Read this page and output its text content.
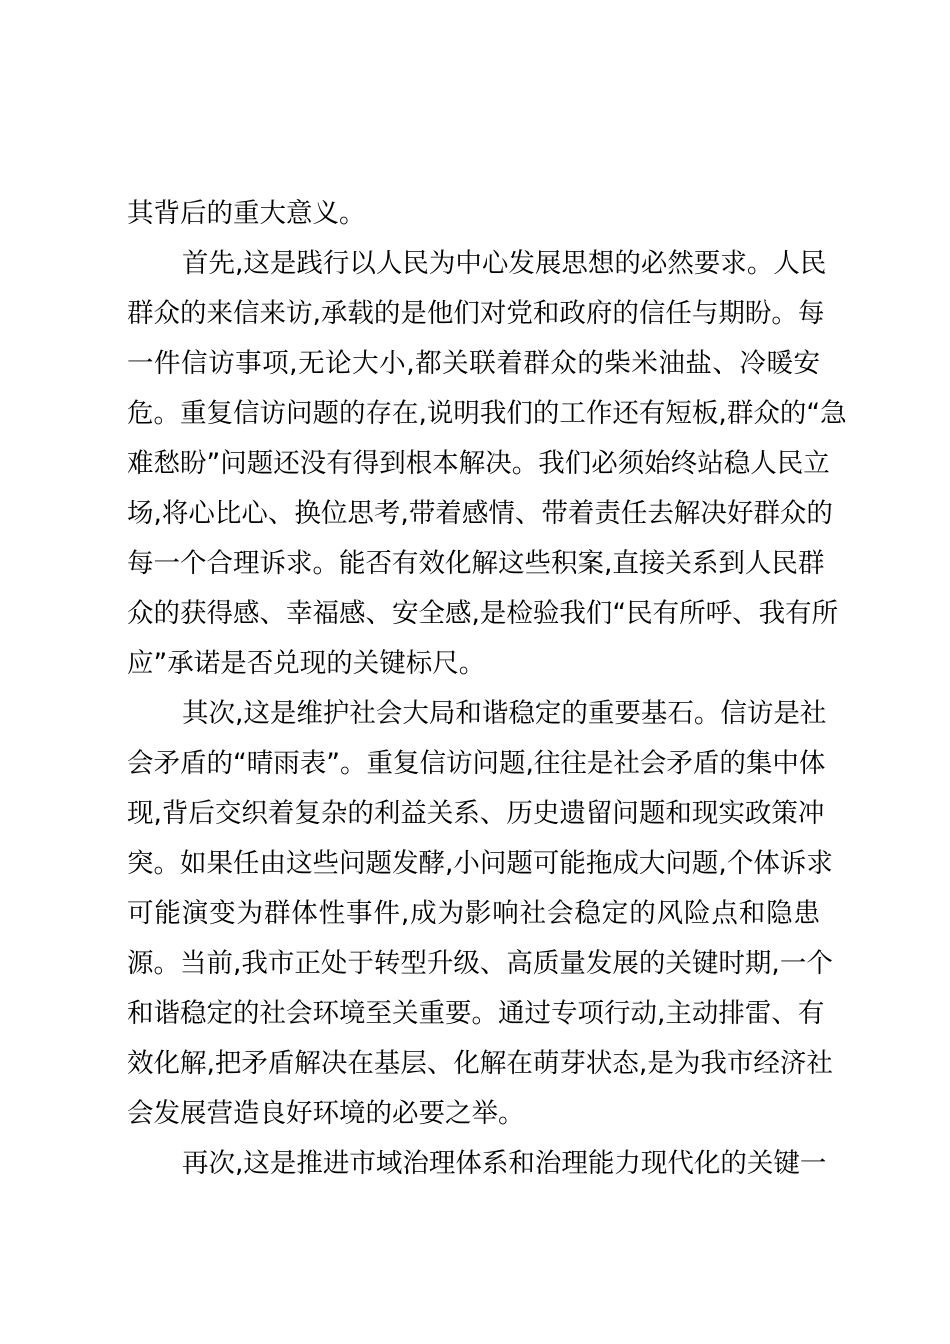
其背后的重大意义。
首先,这是践行以人民为中心发展思想的必然要求。人民
群众的来信来访,承载的是他们对党和政府的信任与期盼。每
一件信访事项,无论大小,都关联着群众的柴米油盐、冷暖安
危。重复信访问题的存在,说明我们的工作还有短板,群众的“急
难愁盼”问题还没有得到根本解决。我们必须始终站稳人民立
场,将心比心、换位思考,带着感情、带着责任去解决好群众的
每一个合理诉求。能否有效化解这些积案,直接关系到人民群
众的获得感、幸福感、安全感,是检验我们“民有所呼、我有所
应”承诺是否兑现的关键标尺。
其次,这是维护社会大局和谐稳定的重要基石。信访是社
会矛盾的“晴雨表”。重复信访问题,往往是社会矛盾的集中体
现,背后交织着复杂的利益关系、历史遗留问题和现实政策冲
突。如果任由这些问题发酵,小问题可能拖成大问题,个体诉求
可能演变为群体性事件,成为影响社会稳定的风险点和隐患
源。当前,我市正处于转型升级、高质量发展的关键时期,一个
和谐稳定的社会环境至关重要。通过专项行动,主动排雷、有
效化解,把矛盾解决在基层、化解在萌芽状态,是为我市经济社
会发展营造良好环境的必要之举。
再次,这是推进市域治理体系和治理能力现代化的关键一
